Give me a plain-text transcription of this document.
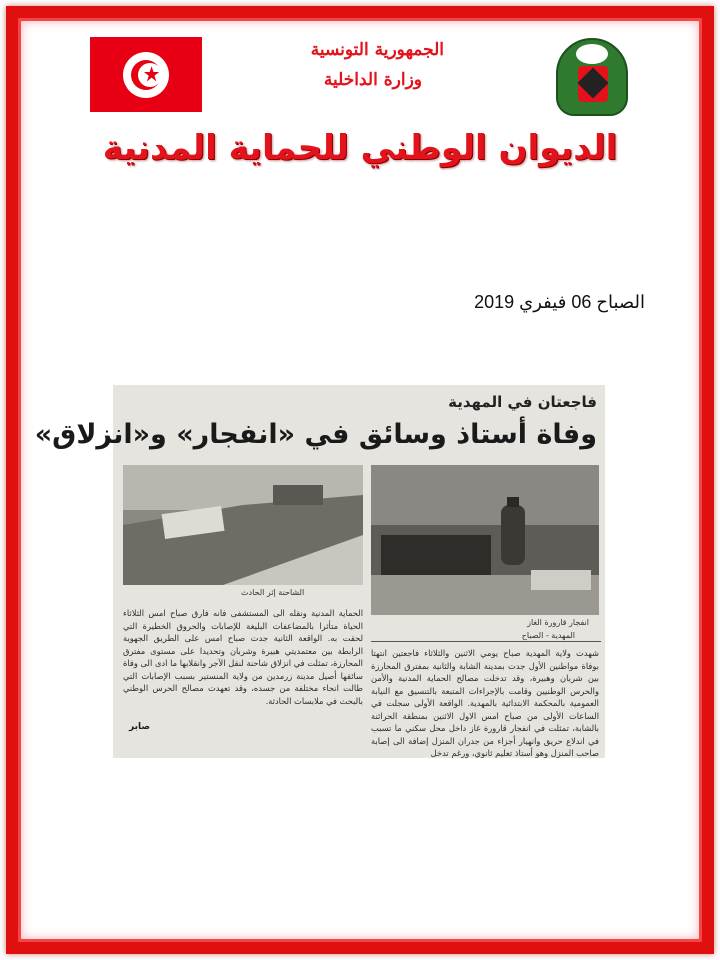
الجمهورية التونسية
وزارة الداخلية
الديوان الوطني للحماية المدنية
الصباح 06 فيفري 2019
فاجعتان في المهدية
وفاة أستاذ وسائق في «انفجار» و«انزلاق»
انفجار قارورة الغاز
الشاحنة إثر الحادث
المهدية - الصباح
شهدت ولاية المهدية صباح يومي الاثنين والثلاثاء فاجعتين انتهتا بوفاة مواطنين الأول جدت بمدينة الشابة والثانية بمفترق المحارزة بين شربان وهبيرة، وقد تدخلت مصالح الحماية المدنية والأمن والحرس الوطنيين وقامت بالإجراءات المتبعة بالتنسيق مع النيابة العمومية بالمحكمة الابتدائية بالمهدية. الواقعة الأولى سجلت في الساعات الأولى من صباح امس الاول الاثنين بمنطقة الحرائنة بالشابة، تمثلت في انفجار قارورة غاز داخل محل سكني ما تسبب في اندلاع حريق وانهيار أجزاء من جدران المنزل إضافة الى إصابة صاحب المنزل وهو أستاذ تعليم ثانوي، ورغم تدخل
الحماية المدنية ونقله الى المستشفى فانه فارق صباح امس الثلاثاء الحياة متأثرا بالمضاعفات البليغة للإصابات والحروق الخطيرة التي لحقت به. الواقعة الثانية جدت صباح امس على الطريق الجهوية الرابطة بين معتمديتي هبيرة وشربان وتحديدا على مستوى مفترق المحارزة، تمثلت في انزلاق شاحنة لنقل الآجر وانقلابها ما ادى الى وفاة سائقها أصيل مدينة زرمدين من ولاية المنستير بسبب الإصابات التي طالت انحاء مختلفة من جسده، وقد تعهدت مصالح الحرس الوطني بالبحث في ملابسات الحادثة.
صابر
